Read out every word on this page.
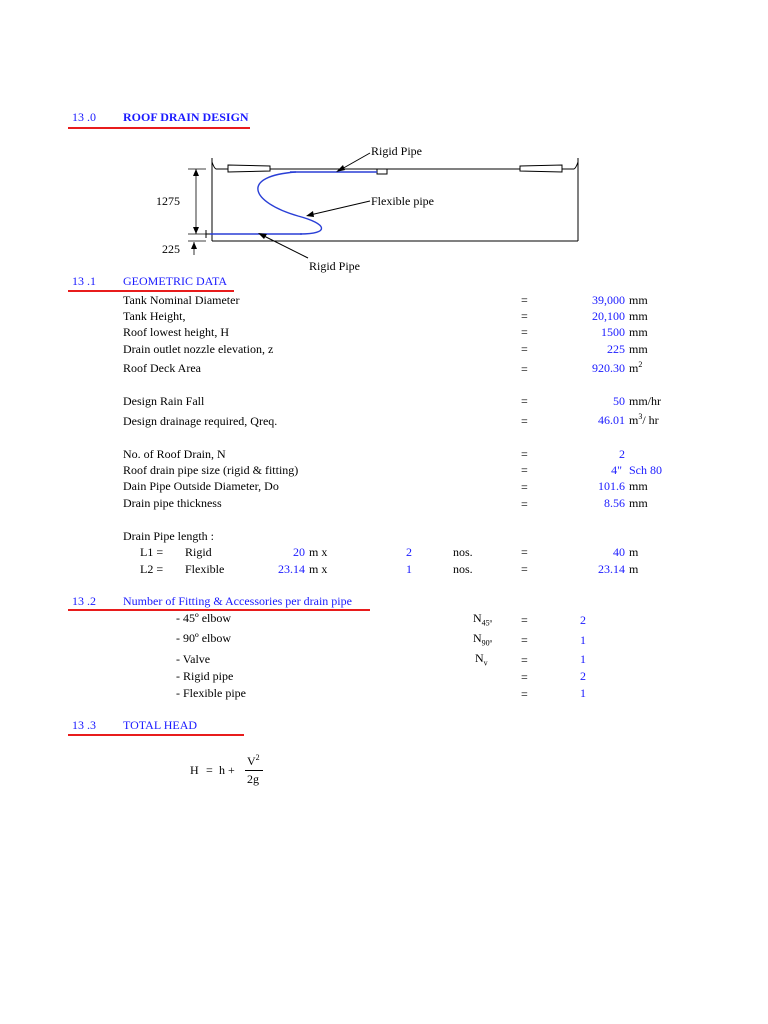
13 .0 ROOF DRAIN DESIGN
Rigid Pipe
Flexible pipe
Rigid Pipe
1275
225
13 .1 GEOMETRIC DATA
Tank Nominal Diameter	=	39,000 mm
Tank Height,	=	20,100 mm
Roof lowest height, H	=	1500 mm
Drain outlet nozzle elevation, z	=	225 mm
Roof Deck Area	=	920.30 $m^2$
Design Rain Fall	=	50 mm/hr
Design drainage required, Qreq.	=	46.01 $m^3/$ hr
No. of Roof Drain, N	=	2
Roof drain pipe size (rigid & fitting)	=	4" Sch 80
Dain Pipe Outside Diameter, Do	=	101.6 mm
Drain pipe thickness	=	8.56 mm
Drain Pipe length :
L1 = Rigid	20 m x	2	nos.	=	40 m
L2 = Flexible	23.14 m x	1	nos.	=	23.14 m
13 .2 Number of Fitting & Accessories per drain pipe
- 45º elbow	$N_{45º}$ =	2
- 90º elbow	$N_{90º}$ =	1
- Valve	$N_v$	=	1
- Rigid pipe	=	2
- Flexible pipe	=	1
13 .3 TOTAL HEAD
H = h +
$V^2$
2g
